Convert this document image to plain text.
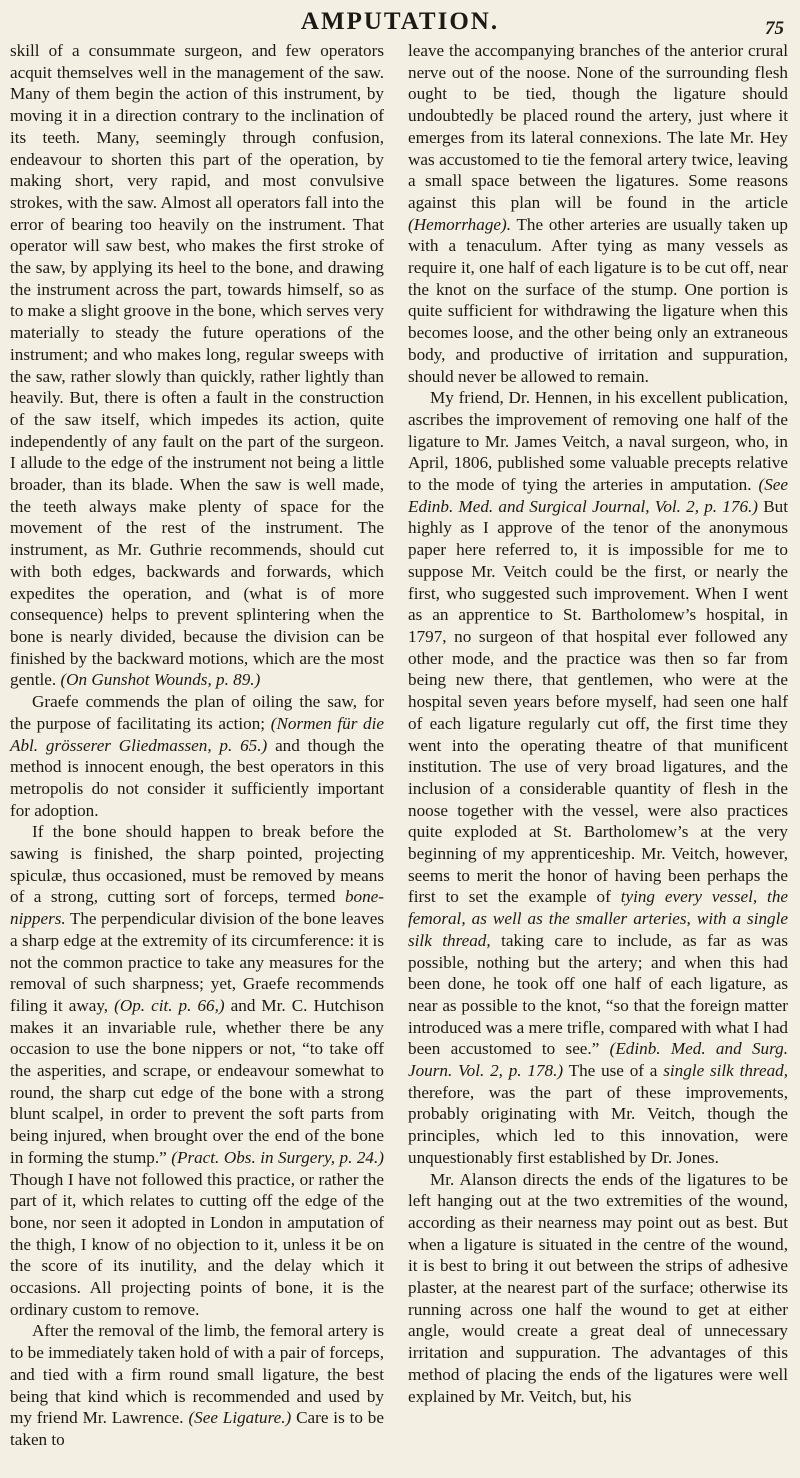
AMPUTATION.	75

skill of a consummate surgeon, and few operators acquit themselves well in the management of the saw. Many of them begin the action of this instrument, by moving it in a direction contrary to the inclination of its teeth. Many, seemingly through confusion, endeavour to shorten this part of the operation, by making short, very rapid, and most convulsive strokes, with the saw. Almost all operators fall into the error of bearing too heavily on the instrument. That operator will saw best, who makes the first stroke of the saw, by applying its heel to the bone, and drawing the instrument across the part, towards himself, so as to make a slight groove in the bone, which serves very materially to steady the future operations of the instrument; and who makes long, regular sweeps with the saw, rather slowly than quickly, rather lightly than heavily. But, there is often a fault in the construction of the saw itself, which impedes its action, quite independently of any fault on the part of the surgeon. I allude to the edge of the instrument not being a little broader, than its blade. When the saw is well made, the teeth always make plenty of space for the movement of the rest of the instrument. The instrument, as Mr. Guthrie recommends, should cut with both edges, backwards and forwards, which expedites the operation, and (what is of more consequence) helps to prevent splintering when the bone is nearly divided, because the division can be finished by the backward motions, which are the most gentle. (On Gunshot Wounds, p. 89.)

Graefe commends the plan of oiling the saw, for the purpose of facilitating its action; (Normen für die Abl. grösserer Gliedmassen, p. 65.) and though the method is innocent enough, the best operators in this metropolis do not consider it sufficiently important for adoption.

If the bone should happen to break before the sawing is finished, the sharp pointed, projecting spiculæ, thus occasioned, must be removed by means of a strong, cutting sort of forceps, termed bone-nippers. The perpendicular division of the bone leaves a sharp edge at the extremity of its circumference: it is not the common practice to take any measures for the removal of such sharpness; yet, Graefe recommends filing it away, (Op. cit. p. 66,) and Mr. C. Hutchison makes it an invariable rule, whether there be any occasion to use the bone nippers or not, “to take off the asperities, and scrape, or endeavour somewhat to round, the sharp cut edge of the bone with a strong blunt scalpel, in order to prevent the soft parts from being injured, when brought over the end of the bone in forming the stump.” (Pract. Obs. in Surgery, p. 24.) Though I have not followed this practice, or rather the part of it, which relates to cutting off the edge of the bone, nor seen it adopted in London in amputation of the thigh, I know of no objection to it, unless it be on the score of its inutility, and the delay which it occasions. All projecting points of bone, it is the ordinary custom to remove.

After the removal of the limb, the femoral artery is to be immediately taken hold of with a pair of forceps, and tied with a firm round small ligature, the best being that kind which is recommended and used by my friend Mr. Lawrence. (See Ligature.) Care is to be taken to

leave the accompanying branches of the anterior crural nerve out of the noose. None of the surrounding flesh ought to be tied, though the ligature should undoubtedly be placed round the artery, just where it emerges from its lateral connexions. The late Mr. Hey was accustomed to tie the femoral artery twice, leaving a small space between the ligatures. Some reasons against this plan will be found in the article (Hemorrhage). The other arteries are usually taken up with a tenaculum. After tying as many vessels as require it, one half of each ligature is to be cut off, near the knot on the surface of the stump. One portion is quite sufficient for withdrawing the ligature when this becomes loose, and the other being only an extraneous body, and productive of irritation and suppuration, should never be allowed to remain.

My friend, Dr. Hennen, in his excellent publication, ascribes the improvement of removing one half of the ligature to Mr. James Veitch, a naval surgeon, who, in April, 1806, published some valuable precepts relative to the mode of tying the arteries in amputation. (See Edinb. Med. and Surgical Journal, Vol. 2, p. 176.) But highly as I approve of the tenor of the anonymous paper here referred to, it is impossible for me to suppose Mr. Veitch could be the first, or nearly the first, who suggested such improvement. When I went as an apprentice to St. Bartholomew’s hospital, in 1797, no surgeon of that hospital ever followed any other mode, and the practice was then so far from being new there, that gentlemen, who were at the hospital seven years before myself, had seen one half of each ligature regularly cut off, the first time they went into the operating theatre of that munificent institution. The use of very broad ligatures, and the inclusion of a considerable quantity of flesh in the noose together with the vessel, were also practices quite exploded at St. Bartholomew’s at the very beginning of my apprenticeship. Mr. Veitch, however, seems to merit the honor of having been perhaps the first to set the example of tying every vessel, the femoral, as well as the smaller arteries, with a single silk thread, taking care to include, as far as was possible, nothing but the artery; and when this had been done, he took off one half of each ligature, as near as possible to the knot, “so that the foreign matter introduced was a mere trifle, compared with what I had been accustomed to see.” (Edinb. Med. and Surg. Journ. Vol. 2, p. 178.) The use of a single silk thread, therefore, was the part of these improvements, probably originating with Mr. Veitch, though the principles, which led to this innovation, were unquestionably first established by Dr. Jones.

Mr. Alanson directs the ends of the ligatures to be left hanging out at the two extremities of the wound, according as their nearness may point out as best. But when a ligature is situated in the centre of the wound, it is best to bring it out between the strips of adhesive plaster, at the nearest part of the surface; otherwise its running across one half the wound to get at either angle, would create a great deal of unnecessary irritation and suppuration. The advantages of this method of placing the ends of the ligatures were well explained by Mr. Veitch, but, his
